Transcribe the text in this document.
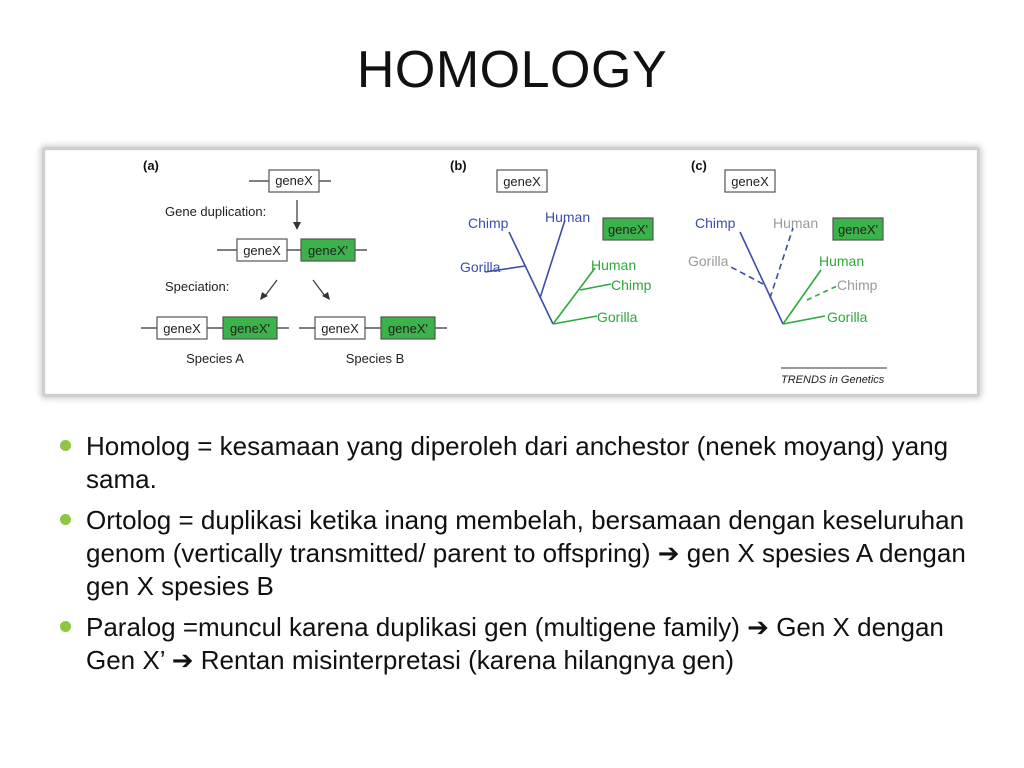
HOMOLOGY
(a)
geneX
Gene duplication:
geneX geneX'
Speciation:
geneX geneX'
Species A
geneX geneX'
Species B
(b)
geneX
geneX'
Chimp	Human
Gorilla	Human
Chimp
Gorilla
(c)
geneX
geneX'
Chimp	Human
Gorilla	Human
Chimp
Gorilla
TRENDS in Genetics
Homolog = kesamaan yang diperoleh dari anchestor (nenek moyang) yang sama.
Ortolog = duplikasi ketika inang membelah, bersamaan dengan keseluruhan genom (vertically transmitted/ parent to offspring) ➔ gen X spesies A dengan gen X spesies B
Paralog =muncul karena duplikasi gen (multigene family) ➔ Gen X dengan Gen X’ ➔ Rentan misinterpretasi (karena hilangnya gen)
